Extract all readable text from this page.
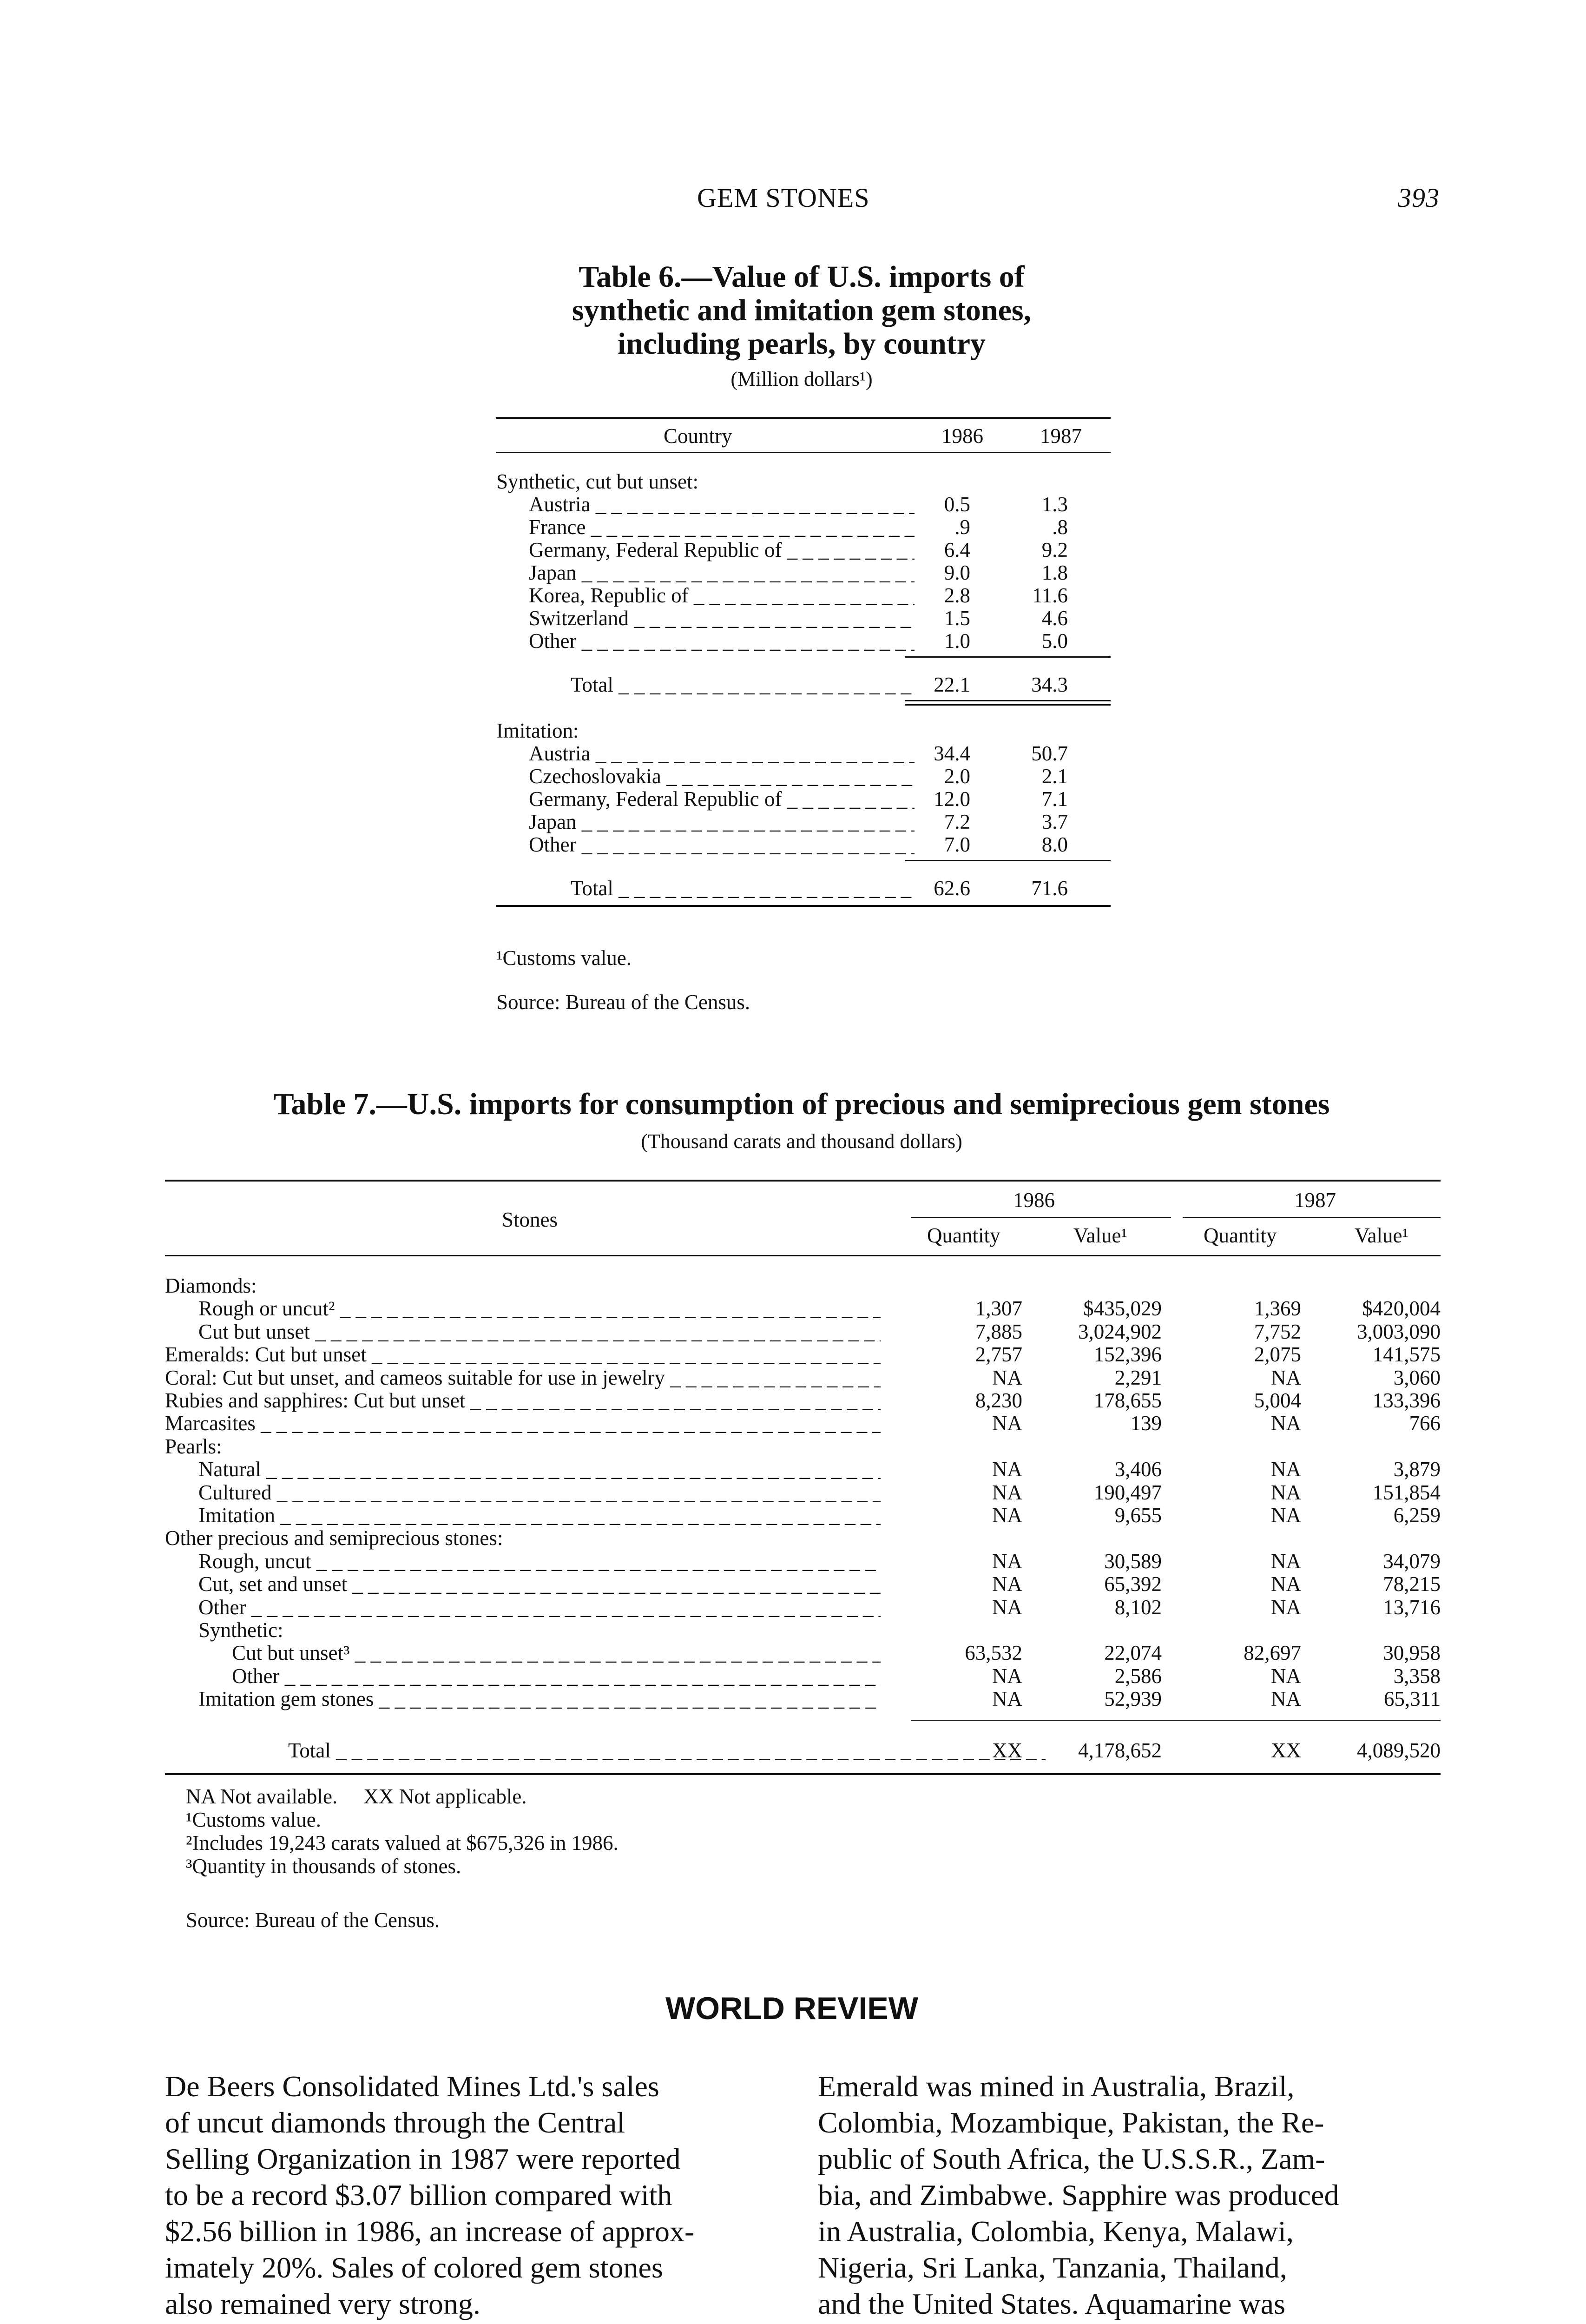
GEM STONES	393
Table 6.—Value of U.S. imports of
synthetic and imitation gem stones,
including pearls, by country
(Million dollars¹)
Country	1986	1987
Synthetic, cut but unset:
Austria _ _ _	0.5	1.3
France _ _ _	.9	.8
Germany, Federal Republic of _ _ _	6.4	9.2
Japan _ _ _	9.0	1.8
Korea, Republic of _ _ _	2.8	11.6
Switzerland _ _ _	1.5	4.6
Other _ _ _	1.0	5.0
Total _ _ _	22.1	34.3
Imitation:
Austria _ _ _	34.4	50.7
Czechoslovakia _ _ _	2.0	2.1
Germany, Federal Republic of _ _ _	12.0	7.1
Japan _ _ _	7.2	3.7
Other _ _ _	7.0	8.0
Total _ _ _	62.6	71.6
¹Customs value.
Source: Bureau of the Census.
Table 7.—U.S. imports for consumption of precious and semiprecious gem stones
(Thousand carats and thousand dollars)
Stones
1986	1987
Quantity	Value¹	Quantity	Value¹
Diamonds:
Rough or uncut² _ _ _	1,307	$435,029	1,369	$420,004
Cut but unset _ _ _	7,885	3,024,902	7,752	3,003,090
Emeralds: Cut but unset _ _ _	2,757	152,396	2,075	141,575
Coral: Cut but unset, and cameos suitable for use in jewelry _ _ _	NA	2,291	NA	3,060
Rubies and sapphires: Cut but unset _ _ _	8,230	178,655	5,004	133,396
Marcasites _ _ _	NA	139	NA	766
Pearls:
Natural _ _ _	NA	3,406	NA	3,879
Cultured _ _ _	NA	190,497	NA	151,854
Imitation _ _ _	NA	9,655	NA	6,259
Other precious and semiprecious stones:
Rough, uncut _ _ _	NA	30,589	NA	34,079
Cut, set and unset _ _ _	NA	65,392	NA	78,215
Other _ _ _	NA	8,102	NA	13,716
Synthetic:
Cut but unset³ _ _ _	63,532	22,074	82,697	30,958
Other _ _ _	NA	2,586	NA	3,358
Imitation gem stones _ _ _	NA	52,939	NA	65,311
Total _ _ _	XX	4,178,652	XX	4,089,520
NA Not available.     XX Not applicable.
¹Customs value.
²Includes 19,243 carats valued at $675,326 in 1986.
³Quantity in thousands of stones.
Source: Bureau of the Census.
WORLD REVIEW
De Beers Consolidated Mines Ltd.'s sales
of uncut diamonds through the Central
Selling Organization in 1987 were reported
to be a record $3.07 billion compared with
$2.56 billion in 1986, an increase of approx-
imately 20%. Sales of colored gem stones
also remained very strong.
Emerald was mined in Australia, Brazil,
Colombia, Mozambique, Pakistan, the Re-
public of South Africa, the U.S.S.R., Zam-
bia, and Zimbabwe. Sapphire was produced
in Australia, Colombia, Kenya, Malawi,
Nigeria, Sri Lanka, Tanzania, Thailand,
and the United States. Aquamarine was
